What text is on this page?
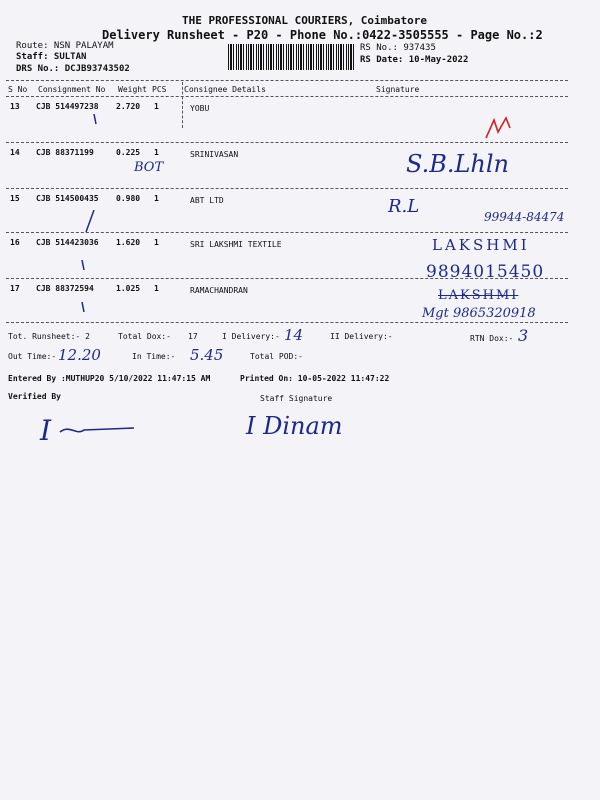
THE PROFESSIONAL COURIERS, Coimbatore
Delivery Runsheet - P20 - Phone No.:0422-3505555 - Page No.:2
Route: NSN PALAYAM
Staff: SULTAN
DRS No.: DCJB93743502
RS No.: 937435
RS Date: 10-May-2022
S No Consignment No Weight PCS Consignee Details	Signature
13 CJB 514497238 2.720 1	YOBU
14 CJB 88371199	0.225 1	SRINIVASAN
BOT	S.B.Lhln
15 CJB 514500435 0.980 1	ABT LTD	R.L	99944-84474
16 CJB 514423036 1.620 1	SRI LAKSHMI TEXTILE	LAKSHMI
9894015450
17 CJB 88372594	1.025 1	RAMACHANDRAN	LAKSHMI
Mgt 9865320918
Tot. Runsheet:- 2	Total Dox:- 17	I Delivery:- 14	II Delivery:-	RTN Dox:- 3
Out Time:- 12.20	In Time:- 5.45	Total POD:-
Entered By :MUTHUP20 5/10/2022 11:47:15 AM	Printed On: 10-05-2022 11:47:22
Verified By	Staff Signature
I	I Dinam
